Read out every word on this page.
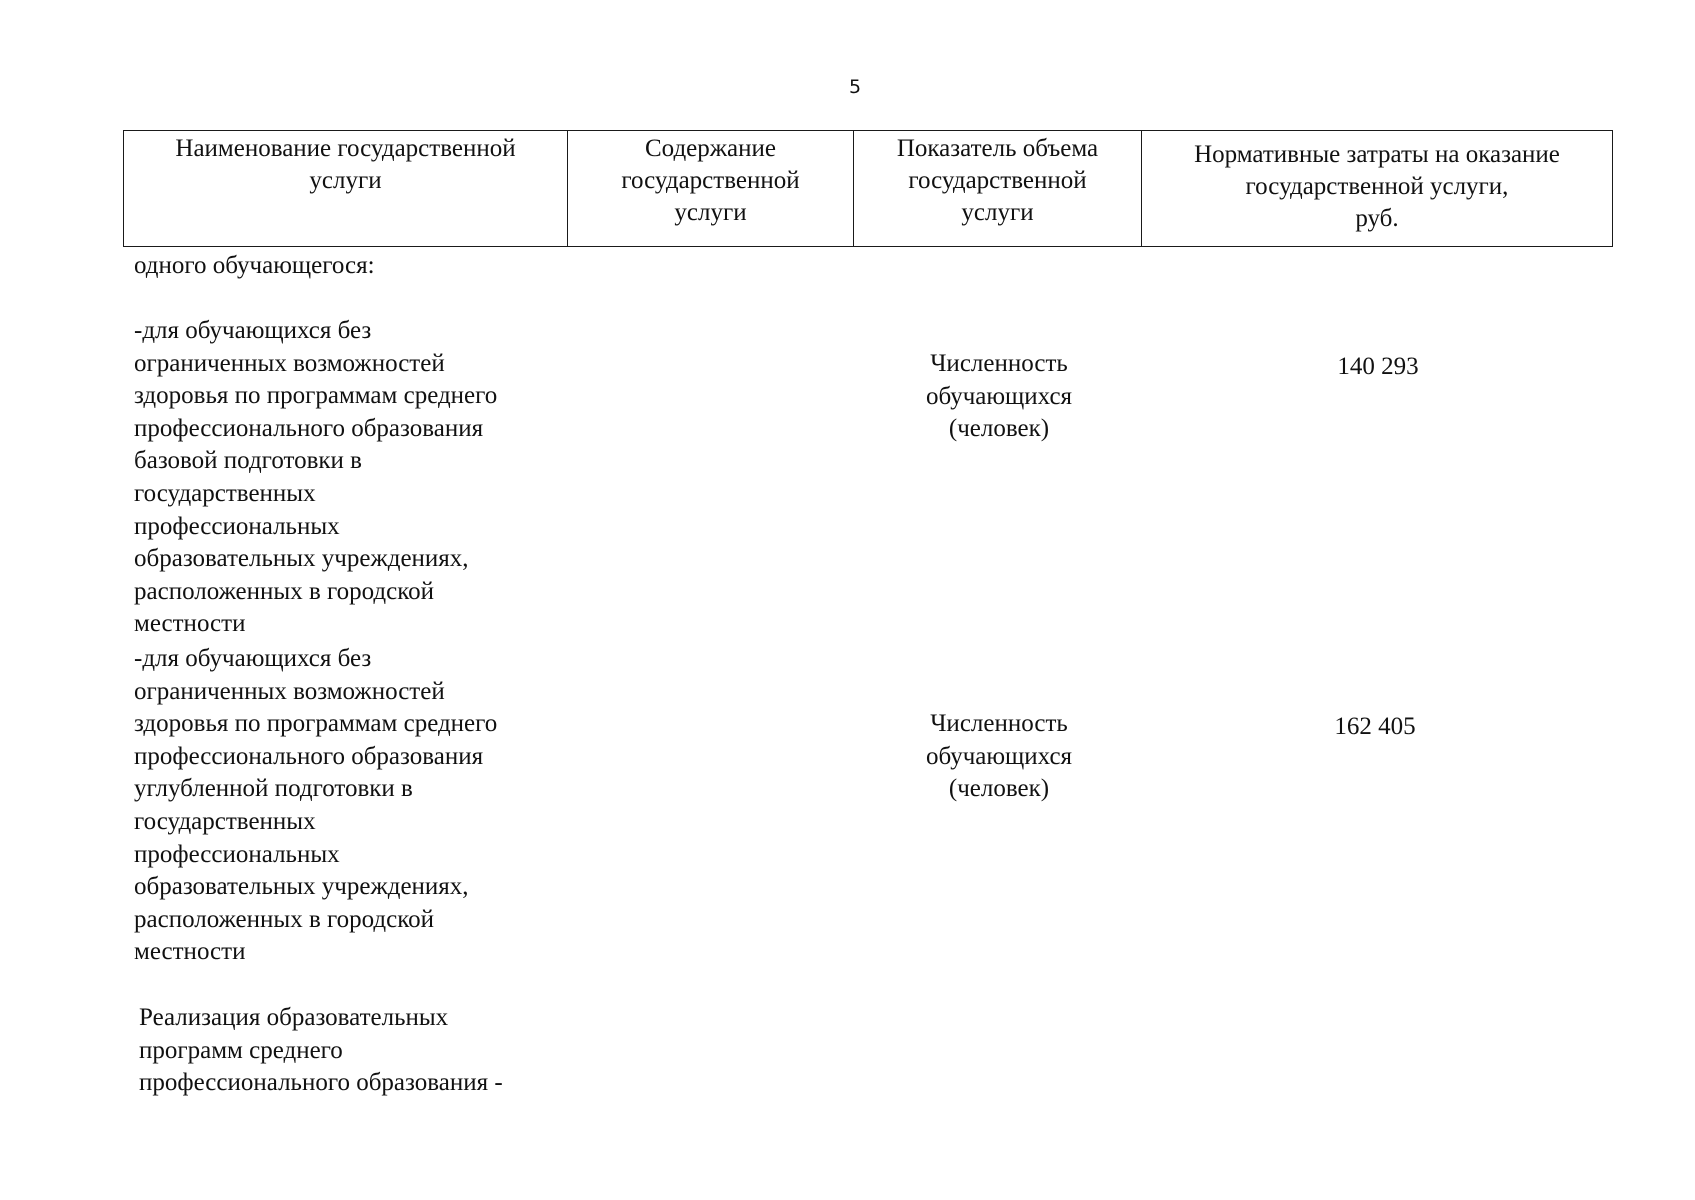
5
Наименование государственной
услуги
Содержание
государственной
услуги
Показатель объема
государственной
услуги
Нормативные затраты на оказание
государственной услуги,
руб.
одного обучающегося:
-для обучающихся без
ограниченных возможностей
здоровья по программам среднего
профессионального образования
базовой подготовки в
государственных
профессиональных
образовательных учреждениях,
расположенных в городской
местности
Численность
обучающихся
(человек)
140 293
-для обучающихся без
ограниченных возможностей
здоровья по программам среднего
профессионального образования
углубленной подготовки в
государственных
профессиональных
образовательных учреждениях,
расположенных в городской
местности
Численность
обучающихся
(человек)
162 405
Реализация образовательных
программ среднего
профессионального образования -
